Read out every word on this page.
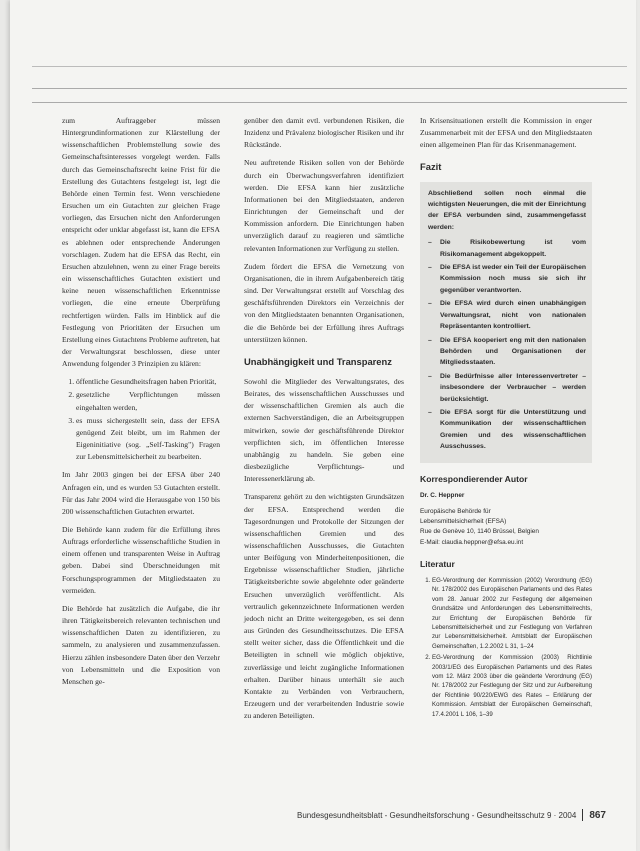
zum Auftraggeber müssen Hintergrundinformationen zur Klärstellung der wissenschaftlichen Problemstellung sowie des Gemeinschaftsinteresses vorgelegt werden. Falls durch das Gemeinschaftsrecht keine Frist für die Erstellung des Gutachtens festgelegt ist, legt die Behörde einen Termin fest. Wenn verschiedene Ersuchen um ein Gutachten zur gleichen Frage vorliegen, das Ersuchen nicht den Anforderungen entspricht oder unklar abgefasst ist, kann die EFSA es ablehnen oder entsprechende Änderungen vorschlagen. Zudem hat die EFSA das Recht, ein Ersuchen abzulehnen, wenn zu einer Frage bereits ein wissenschaftliches Gutachten existiert und keine neuen wissenschaftlichen Erkenntnisse vorliegen, die eine erneute Überprüfung rechtfertigen würden. Falls im Hinblick auf die Festlegung von Prioritäten der Ersuchen um Erstellung eines Gutachtens Probleme auftreten, hat der Verwaltungsrat beschlossen, diese unter Anwendung folgender 3 Prinzipien zu klären:

1. öffentliche Gesundheitsfragen haben Priorität,
2. gesetzliche Verpflichtungen müssen eingehalten werden,
3. es muss sichergestellt sein, dass der EFSA genügend Zeit bleibt, um im Rahmen der Eigeninitiative (sog. „Self-Tasking") Fragen zur Lebensmittelsicherheit zu bearbeiten.

Im Jahr 2003 gingen bei der EFSA über 240 Anfragen ein, und es wurden 53 Gutachten erstellt. Für das Jahr 2004 wird die Herausgabe von 150 bis 200 wissenschaftlichen Gutachten erwartet.

Die Behörde kann zudem für die Erfüllung ihres Auftrags erforderliche wissenschaftliche Studien in einem offenen und transparenten Weise in Auftrag geben. Dabei sind Überschneidungen mit Forschungsprogrammen der Mitgliedstaaten zu vermeiden.

Die Behörde hat zusätzlich die Aufgabe, die ihr ihren Tätigkeitsbereich relevanten technischen und wissenschaftlichen Daten zu identifizieren, zu sammeln, zu analysieren und zusammenzufassen. Hierzu zählen insbesondere Daten über den Verzehr von Lebensmitteln und die Exposition von Menschen ge-

genüber den damit evtl. verbundenen Risiken, die Inzidenz und Prävalenz biologischer Risiken und ihr Rückstände.

Neu auftretende Risiken sollen von der Behörde durch ein Überwachungsverfahren identifiziert werden. Die EFSA kann hier zusätzliche Informationen bei den Mitgliedstaaten, anderen Einrichtungen der Gemeinschaft und der Kommission anfordern. Die Einrichtungen haben unverzüglich darauf zu reagieren und sämtliche relevanten Informationen zur Verfügung zu stellen.

Zudem fördert die EFSA die Vernetzung von Organisationen, die in ihrem Aufgabenbereich tätig sind. Der Verwaltungsrat erstellt auf Vorschlag des geschäftsführenden Direktors ein Verzeichnis der von den Mitgliedstaaten benannten Organisationen, die die Behörde bei der Erfüllung ihres Auftrags unterstützen können.

Unabhängigkeit und Transparenz

Sowohl die Mitglieder des Verwaltungsrates, des Beirates, des wissenschaftlichen Ausschusses und der wissenschaftlichen Gremien als auch die externen Sachverständigen, die an Arbeitsgruppen mitwirken, sowie der geschäftsführende Direktor verpflichten sich, im öffentlichen Interesse unabhängig zu handeln. Sie geben eine diesbezügliche Verpflichtungs- und Interessenerklärung ab.

Transparenz gehört zu den wichtigsten Grundsätzen der EFSA. Entsprechend werden die Tagesordnungen und Protokolle der Sitzungen der wissenschaftlichen Gremien und des wissenschaftlichen Ausschusses, die Gutachten unter Beifügung von Minderheitenpositionen, die Ergebnisse wissenschaftlicher Studien, jährliche Tätigkeitsberichte sowie abgelehnte oder geänderte Ersuchen unverzüglich veröffentlicht. Als vertraulich gekennzeichnete Informationen werden jedoch nicht an Dritte weitergegeben, es sei denn aus Gründen des Gesundheitsschutzes. Die EFSA stellt weiter sicher, dass die Öffentlichkeit und die Beteiligten in schnell wie möglich objektive, zuverlässige und leicht zugängliche Informationen erhalten. Darüber hinaus unterhält sie auch Kontakte zu Verbänden von Verbrauchern, Erzeugern und der verarbeitenden Industrie sowie zu anderen Beteiligten.

In Krisensituationen erstellt die Kommission in enger Zusammenarbeit mit der EFSA und den Mitgliedstaaten einen allgemeinen Plan für das Krisenmanagement.

Fazit
Abschließend sollen noch einmal die wichtigsten Neuerungen, die mit der Einrichtung der EFSA verbunden sind, zusammengefasst werden:
– Die Risikobewertung ist vom Risikomanagement abgekoppelt.
– Die EFSA ist weder ein Teil der Europäischen Kommission noch muss sie sich ihr gegenüber verantworten.
– Die EFSA wird durch einen unabhängigen Verwaltungsrat, nicht von nationalen Repräsentanten kontrolliert.
– Die EFSA kooperiert eng mit den nationalen Behörden und Organisationen der Mitgliedsstaaten.
– Die Bedürfnisse aller Interessenvertreter – insbesondere der Verbraucher – werden berücksichtigt.
– Die EFSA sorgt für die Unterstützung und Kommunikation der wissenschaftlichen Gremien und des wissenschaftlichen Ausschusses.
Korrespondierender Autor
Dr. C. Heppner
Europäische Behörde für
Lebensmittelsicherheit (EFSA)
Rue de Genève 10, 1140 Brüssel, Belgien
E-Mail: claudia.heppner@efsa.eu.int
Literatur
1. EG-Verordnung der Kommission (2002) Verordnung (EG) Nr. 178/2002 des Europäischen Parlaments und des Rates vom 28. Januar 2002 zur Festlegung der allgemeinen Grundsätze und Anforderungen des Lebensmittelrechts, zur Errichtung der Europäischen Behörde für Lebensmittelsicherheit und zur Festlegung von Verfahren zur Lebensmittelsicherheit. Amtsblatt der Europäischen Gemeinschaften, 1.2.2002 L 31, 1–24
2. EG-Verordnung der Kommission (2003) Richtlinie 2003/1/EG des Europäischen Parlaments und des Rates vom 12. März 2003 über die geänderte Verordnung (EG) Nr. 178/2002 zur Festlegung der Sitz und zur Aufbereitung der Richtlinie 90/220/EWG des Rates – Erklärung der Kommission. Amtsblatt der Europäischen Gemeinschaft, 17.4.2001 L 106, 1–39
Bundesgesundheitsblatt - Gesundheitsforschung - Gesundheitsschutz 9 · 2004 867
